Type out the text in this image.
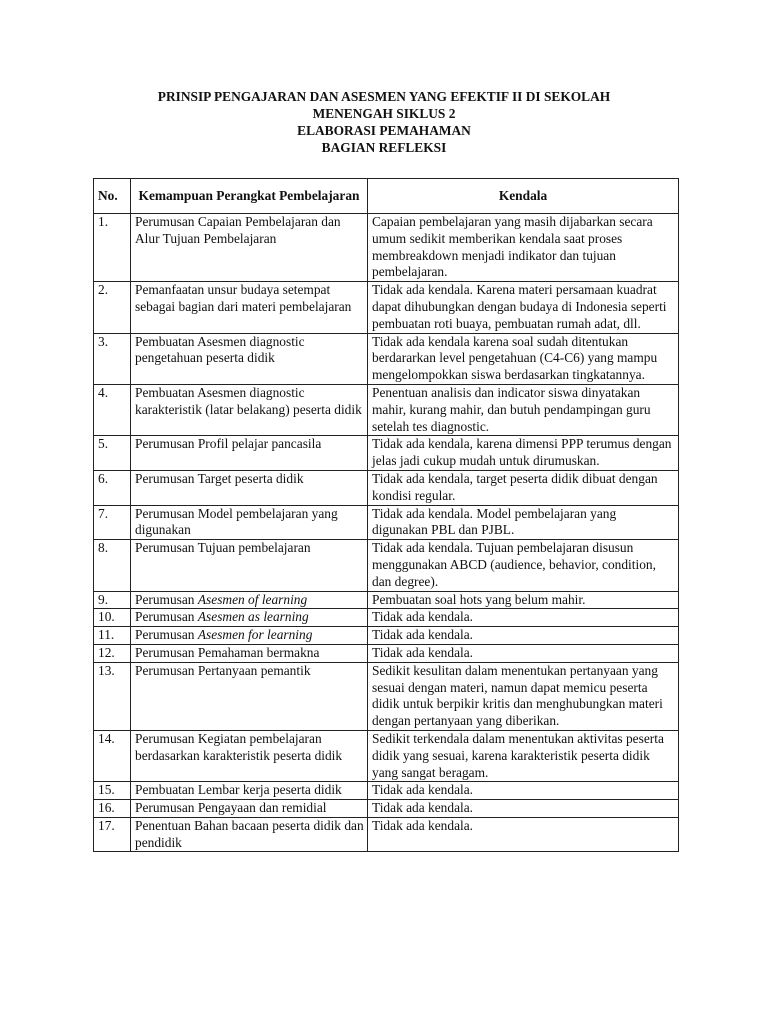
PRINSIP PENGAJARAN DAN ASESMEN YANG EFEKTIF II DI SEKOLAH
MENENGAH SIKLUS 2
ELABORASI PEMAHAMAN
BAGIAN REFLEKSI
No.	Kemampuan Perangkat Pembelajaran	Kendala
1.	Perumusan Capaian Pembelajaran dan Alur Tujuan Pembelajaran	Capaian pembelajaran yang masih dijabarkan secara umum sedikit memberikan kendala saat proses membreakdown menjadi indikator dan tujuan pembelajaran.
2.	Pemanfaatan unsur budaya setempat sebagai bagian dari materi pembelajaran	Tidak ada kendala. Karena materi persamaan kuadrat dapat dihubungkan dengan budaya di Indonesia seperti pembuatan roti buaya, pembuatan rumah adat, dll.
3.	Pembuatan Asesmen diagnostic pengetahuan peserta didik	Tidak ada kendala karena soal sudah ditentukan berdararkan level pengetahuan (C4-C6) yang mampu mengelompokkan siswa berdasarkan tingkatannya.
4.	Pembuatan Asesmen diagnostic karakteristik (latar belakang) peserta didik	Penentuan analisis dan indicator siswa dinyatakan mahir, kurang mahir, dan butuh pendampingan guru setelah tes diagnostic.
5.	Perumusan Profil pelajar pancasila	Tidak ada kendala, karena dimensi PPP terumus dengan jelas jadi cukup mudah untuk dirumuskan.
6.	Perumusan Target peserta didik	Tidak ada kendala, target peserta didik dibuat dengan kondisi regular.
7.	Perumusan Model pembelajaran yang digunakan	Tidak ada kendala. Model pembelajaran yang digunakan PBL dan PJBL.
8.	Perumusan Tujuan pembelajaran	Tidak ada kendala. Tujuan pembelajaran disusun menggunakan ABCD (audience, behavior, condition, dan degree).
9.	Perumusan Asesmen of learning	Pembuatan soal hots yang belum mahir.
10.	Perumusan Asesmen as learning	Tidak ada kendala.
11.	Perumusan Asesmen for learning	Tidak ada kendala.
12.	Perumusan Pemahaman bermakna	Tidak ada kendala.
13.	Perumusan Pertanyaan pemantik	Sedikit kesulitan dalam menentukan pertanyaan yang sesuai dengan materi, namun dapat memicu peserta didik untuk berpikir kritis dan menghubungkan materi dengan pertanyaan yang diberikan.
14.	Perumusan Kegiatan pembelajaran berdasarkan karakteristik peserta didik	Sedikit terkendala dalam menentukan aktivitas peserta didik yang sesuai, karena karakteristik peserta didik yang sangat beragam.
15.	Pembuatan Lembar kerja peserta didik	Tidak ada kendala.
16.	Perumusan Pengayaan dan remidial	Tidak ada kendala.
17.	Penentuan Bahan bacaan peserta didik dan pendidik	Tidak ada kendala.
